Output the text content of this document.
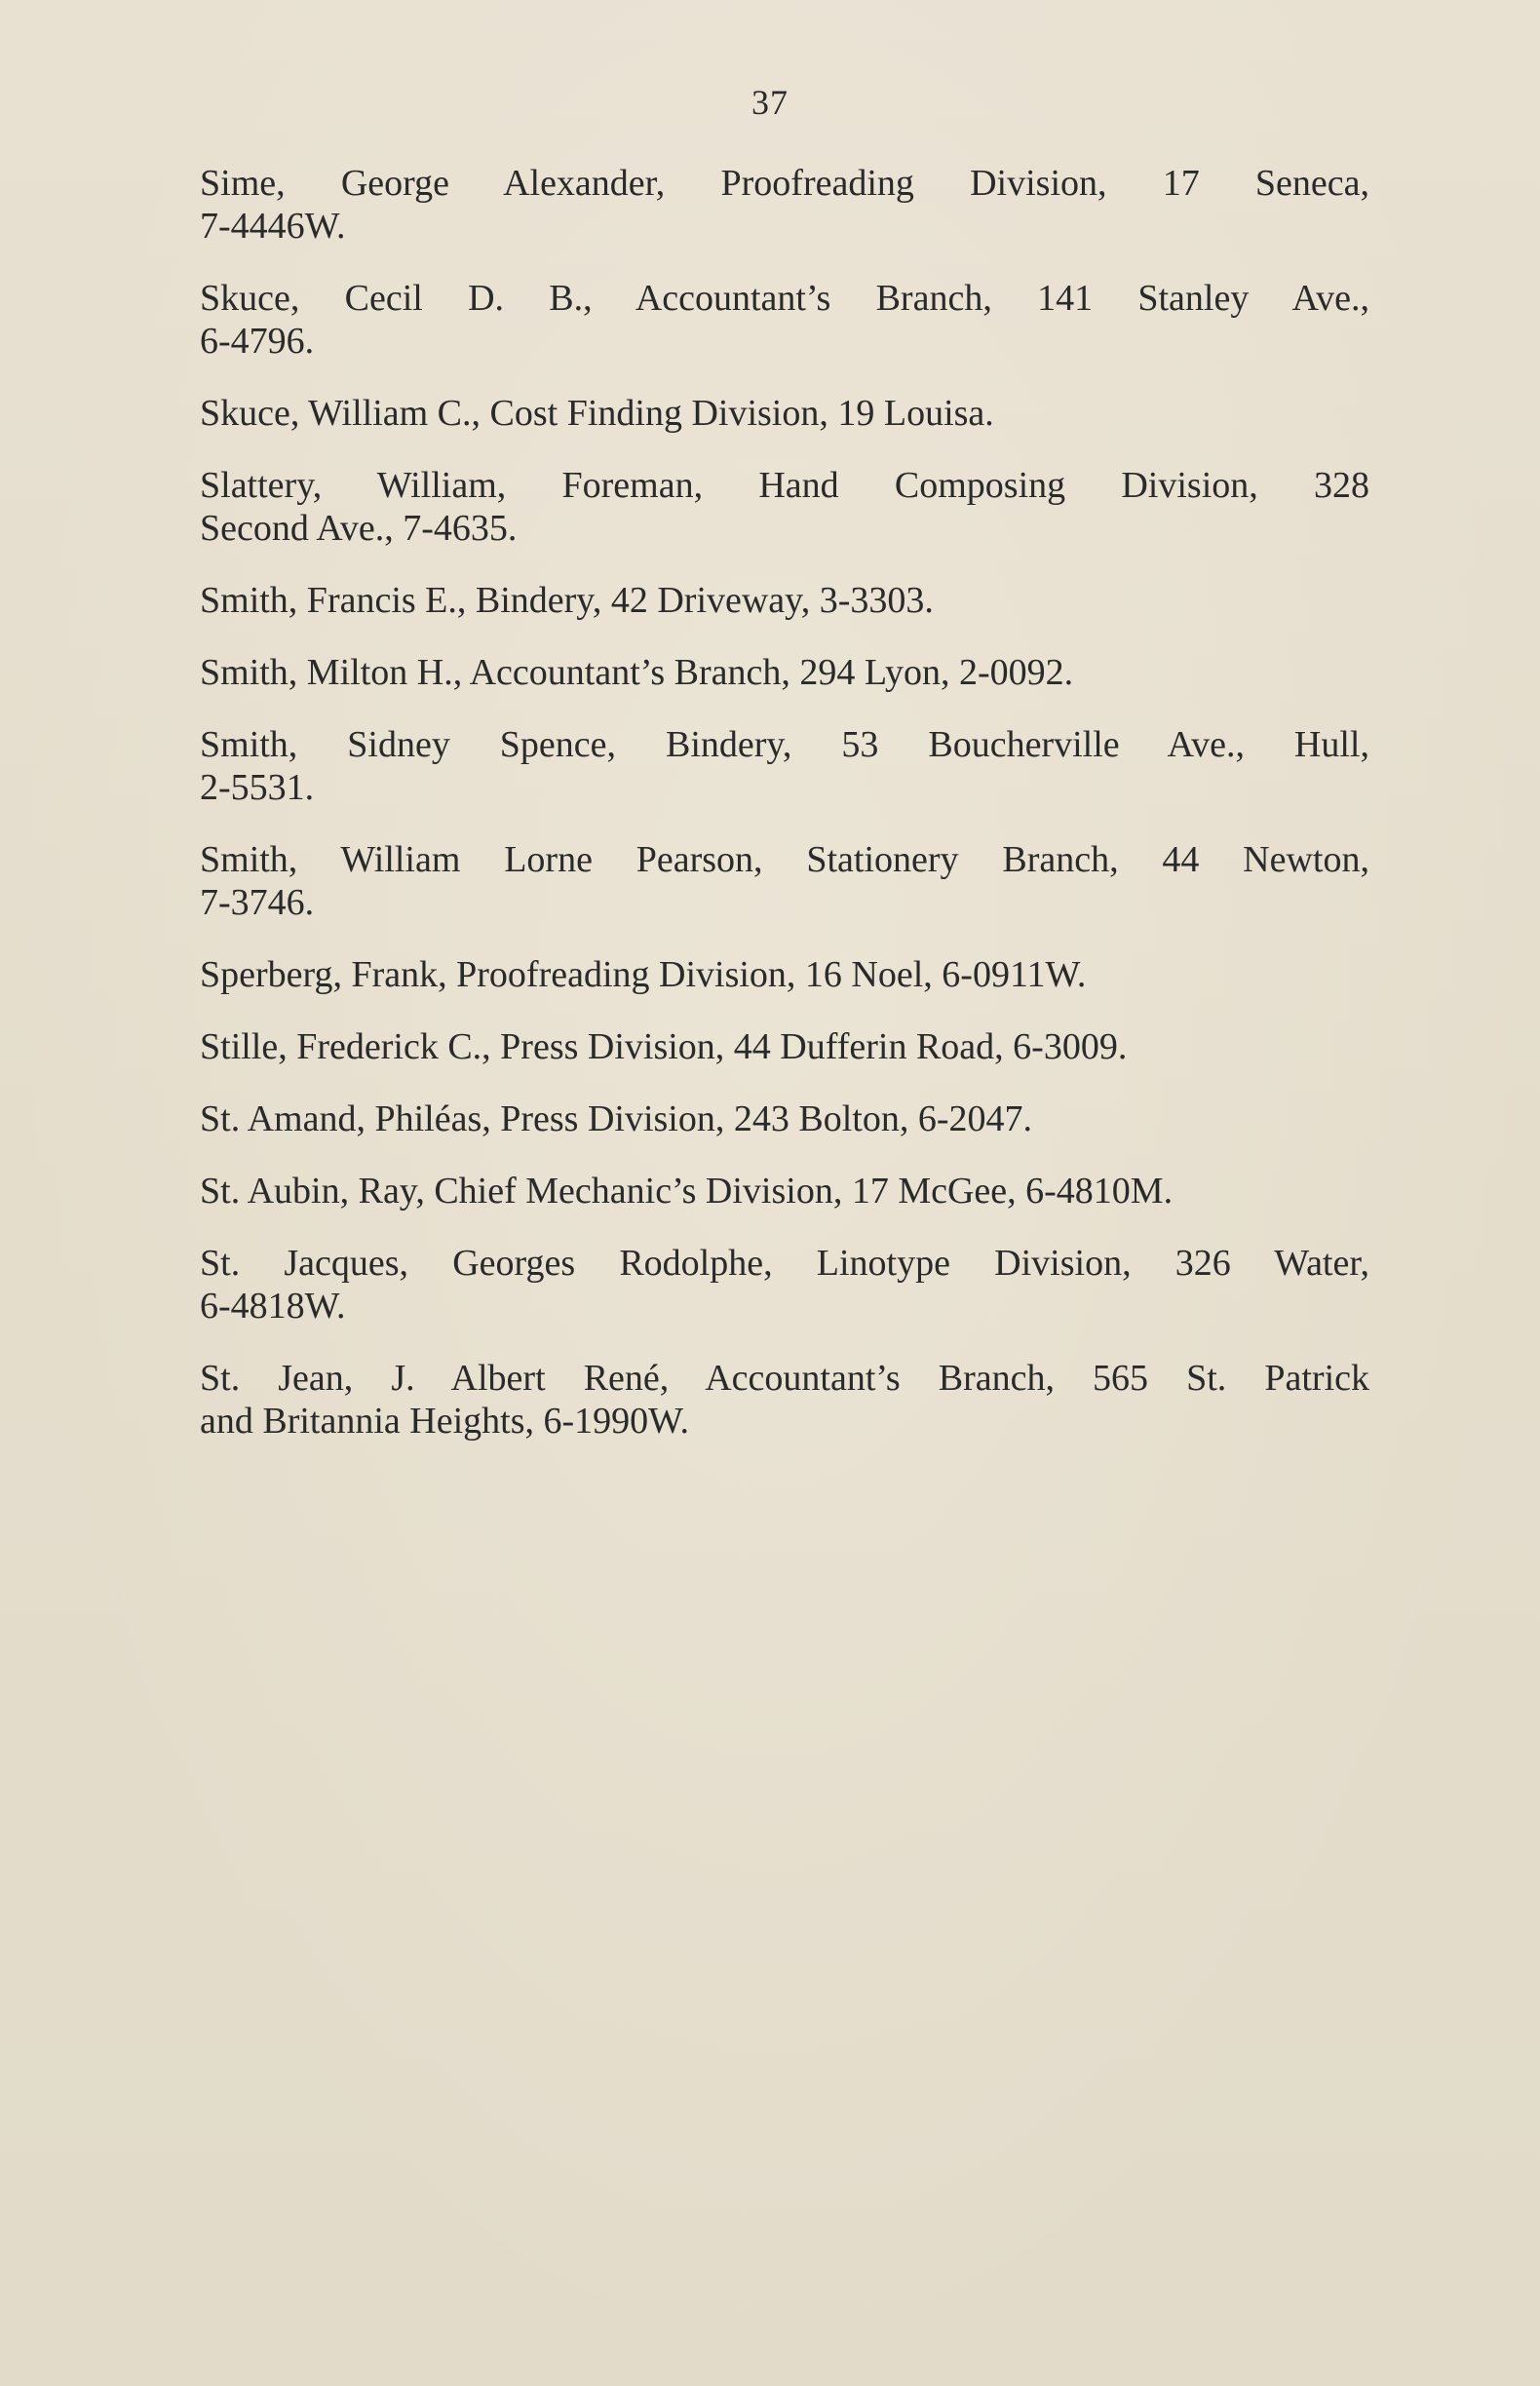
37

Sime, George Alexander, Proofreading Division, 17 Seneca,
7-4446W.

Skuce, Cecil D. B., Accountant’s Branch, 141 Stanley Ave.,
6-4796.

Skuce, William C., Cost Finding Division, 19 Louisa.

Slattery, William, Foreman, Hand Composing Division, 328
Second Ave., 7-4635.

Smith, Francis E., Bindery, 42 Driveway, 3-3303.

Smith, Milton H., Accountant’s Branch, 294 Lyon, 2-0092.

Smith, Sidney Spence, Bindery, 53 Boucherville Ave., Hull,
2-5531.

Smith, William Lorne Pearson, Stationery Branch, 44 Newton,
7-3746.

Sperberg, Frank, Proofreading Division, 16 Noel, 6-0911W.

Stille, Frederick C., Press Division, 44 Dufferin Road, 6-3009.

St. Amand, Philéas, Press Division, 243 Bolton, 6-2047.

St. Aubin, Ray, Chief Mechanic’s Division, 17 McGee, 6-4810M.

St. Jacques, Georges Rodolphe, Linotype Division, 326 Water,
6-4818W.

St. Jean, J. Albert René, Accountant’s Branch, 565 St. Patrick
and Britannia Heights, 6-1990W.
